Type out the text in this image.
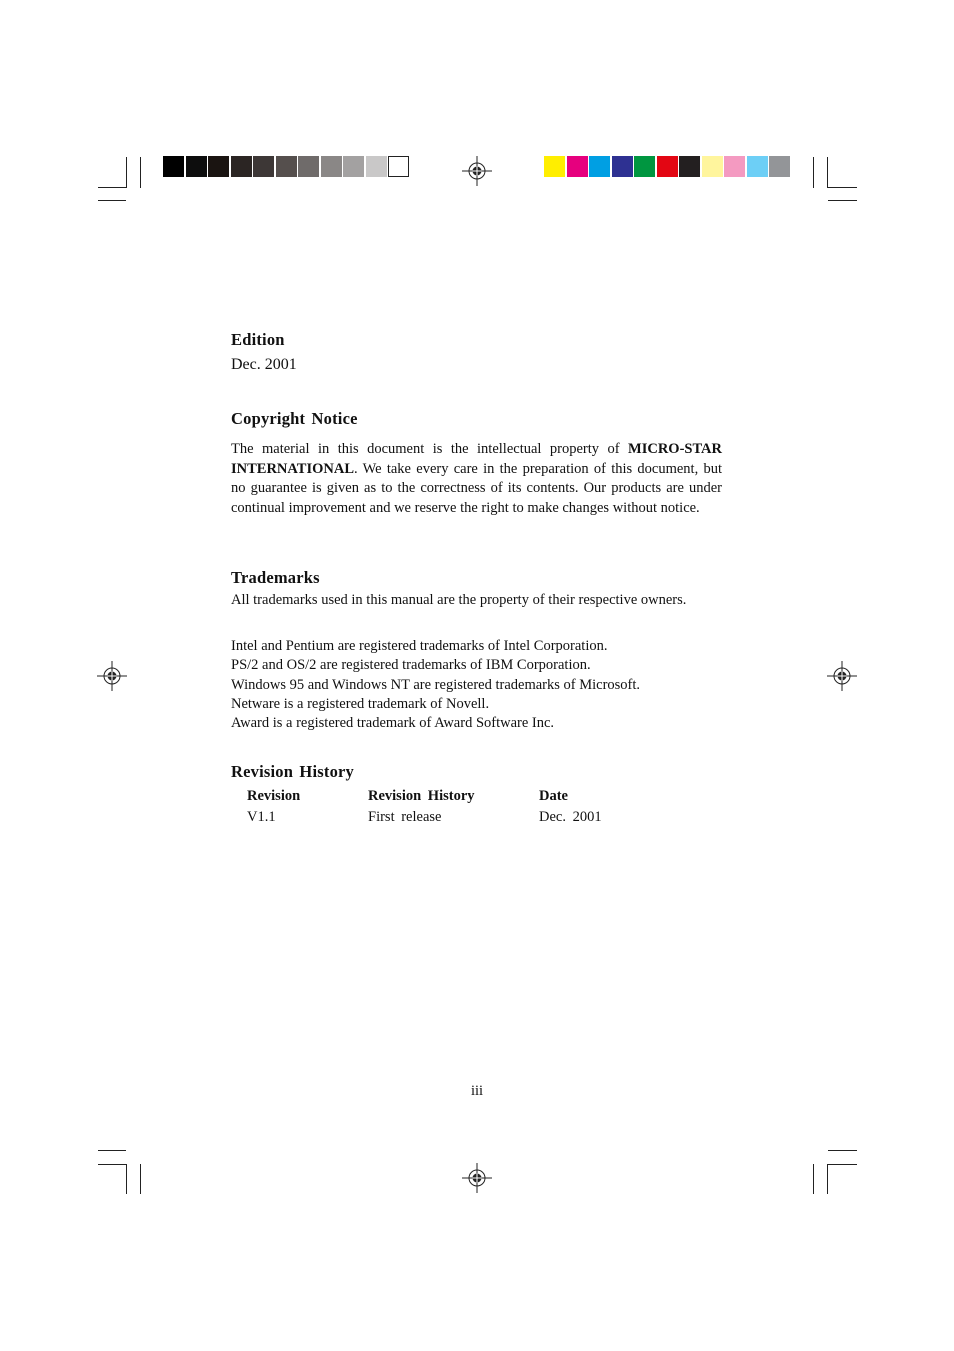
Edition

Dec. 2001

Copyright Notice

The material in this document is the intellectual property of MICRO-STAR INTERNATIONAL. We take every care in the preparation of this document, but no guarantee is given as to the correctness of its contents. Our products are under continual improvement and we reserve the right to make changes without notice.

Trademarks

All trademarks used in this manual are the property of their respective owners.

Intel and Pentium are registered trademarks of Intel Corporation.
PS/2 and OS/2 are registered trademarks of IBM Corporation.
Windows 95 and Windows NT are registered trademarks of Microsoft.
Netware is a registered trademark of Novell.
Award is a registered trademark of Award Software Inc.
Revision History
Revision	Revision History	Date
V1.1	First release	Dec. 2001
iii
